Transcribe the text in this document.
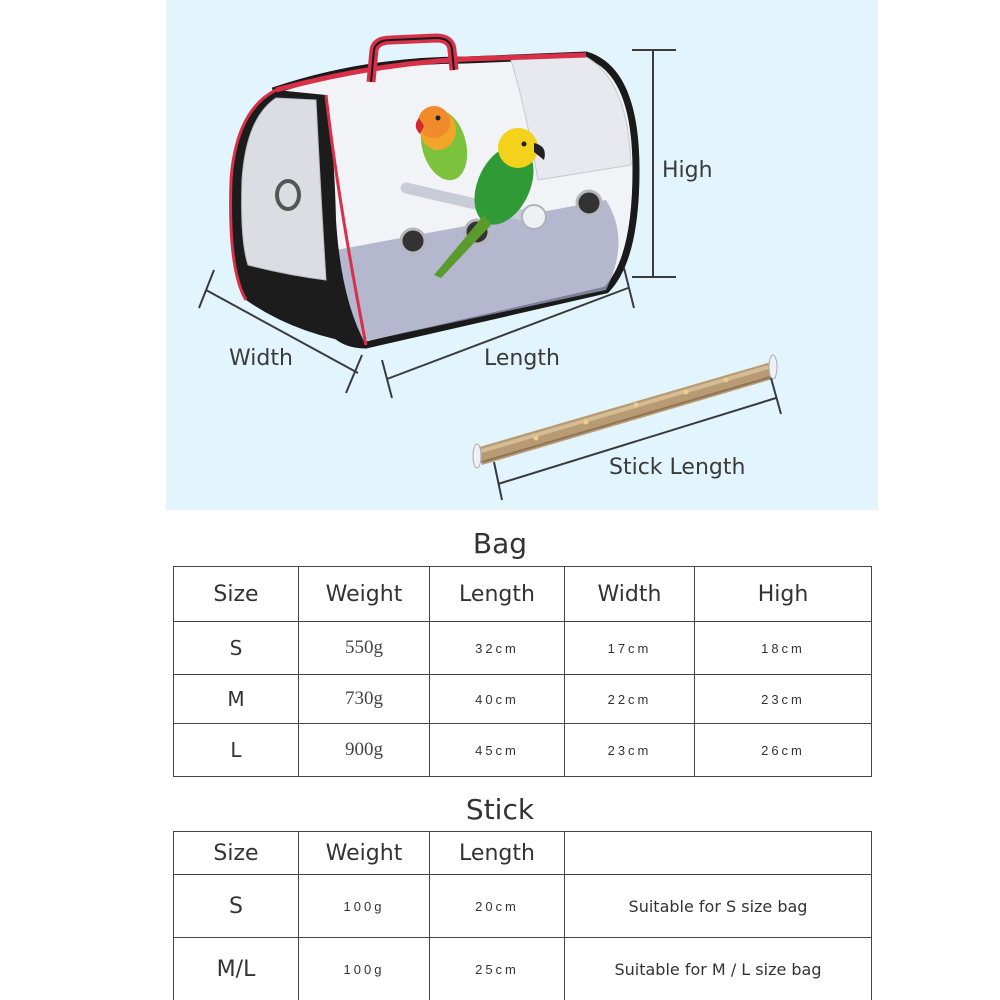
High
Width	Length
Stick Length
Bag
Size	Weight	Length	Width	High
S	550g	32cm	17cm	18cm
M	730g	40cm	22cm	23cm
L	900g	45cm	23cm	26cm
Stick
Size	Weight	Length	
S	100g	20cm	Suitable for S size bag
M/L	100g	25cm	Suitable for M / L size bag
